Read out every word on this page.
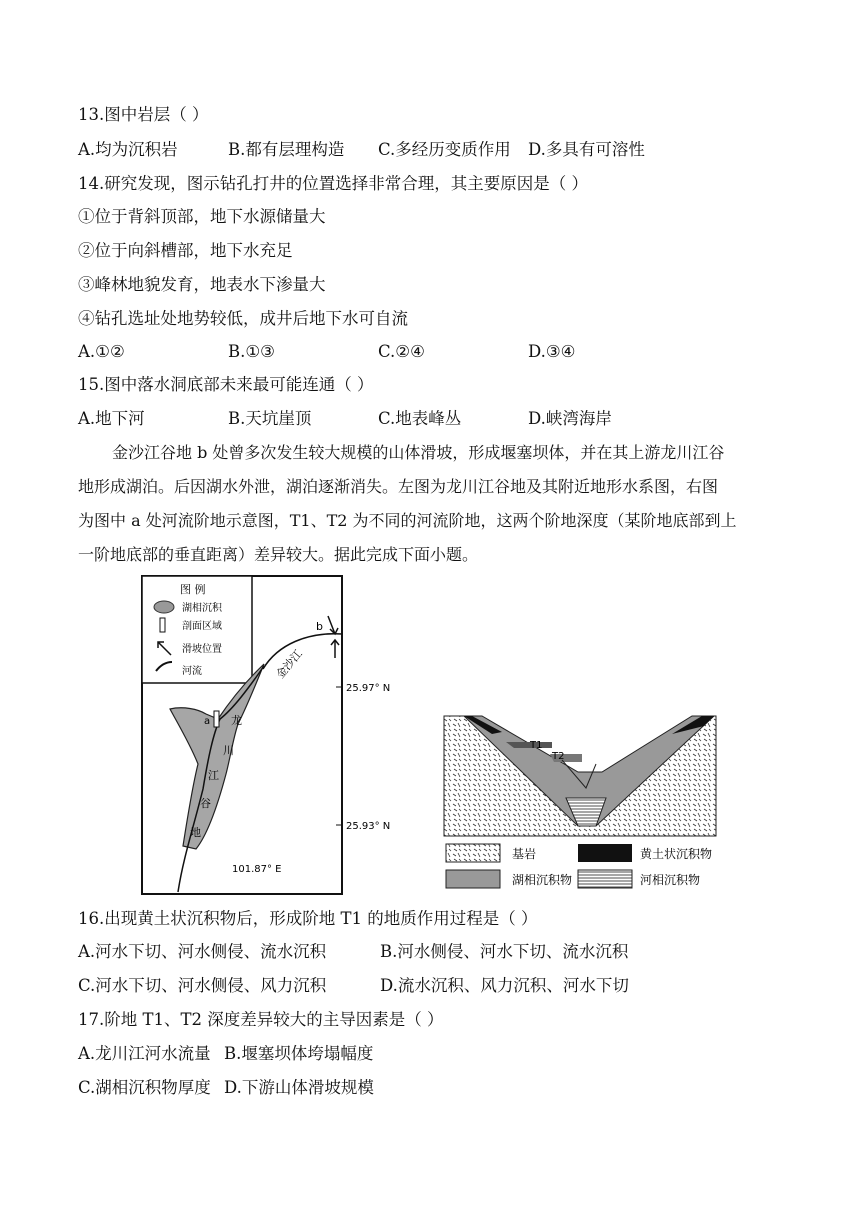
13.图中岩层（ ）
A.均为沉积岩	B.都有层理构造 C.多经历变质作用 D.多具有可溶性
14.研究发现，图示钻孔打井的位置选择非常合理，其主要原因是（ ）
①位于背斜顶部，地下水源储量大
②位于向斜槽部，地下水充足
③峰林地貌发育，地表水下渗量大
④钻孔选址处地势较低，成井后地下水可自流
A.①②	B.①③	C.②④	D.③④
15.图中落水洞底部未来最可能连通（ ）
A.地下河	B.天坑崖顶	C.地表峰丛	D.峡湾海岸
金沙江谷地 b 处曾多次发生较大规模的山体滑坡，形成堰塞坝体，并在其上游龙川江谷
地形成湖泊。后因湖水外泄，湖泊逐渐消失。左图为龙川江谷地及其附近地形水系图，右图
为图中 a 处河流阶地示意图，T1、T2 为不同的河流阶地，这两个阶地深度（某阶地底部到上
一阶地底部的垂直距离）差异较大。据此完成下面小题。
图 例
湖相沉积
剖面区域
滑坡位置
河流	金沙江
b
a 龙
川
江
谷
地
25.97° N
25.93° N
101.87° E
T1
T2
基岩	黄土状沉积物
湖相沉积物	河相沉积物
16.出现黄土状沉积物后，形成阶地 T1 的地质作用过程是（ ）
A.河水下切、河水侧侵、流水沉积	B.河水侧侵、河水下切、流水沉积
C.河水下切、河水侧侵、风力沉积	D.流水沉积、风力沉积、河水下切
17.阶地 T1、T2 深度差异较大的主导因素是（ ）
A.龙川江河水流量 B.堰塞坝体垮塌幅度
C.湖相沉积物厚度 D.下游山体滑坡规模
